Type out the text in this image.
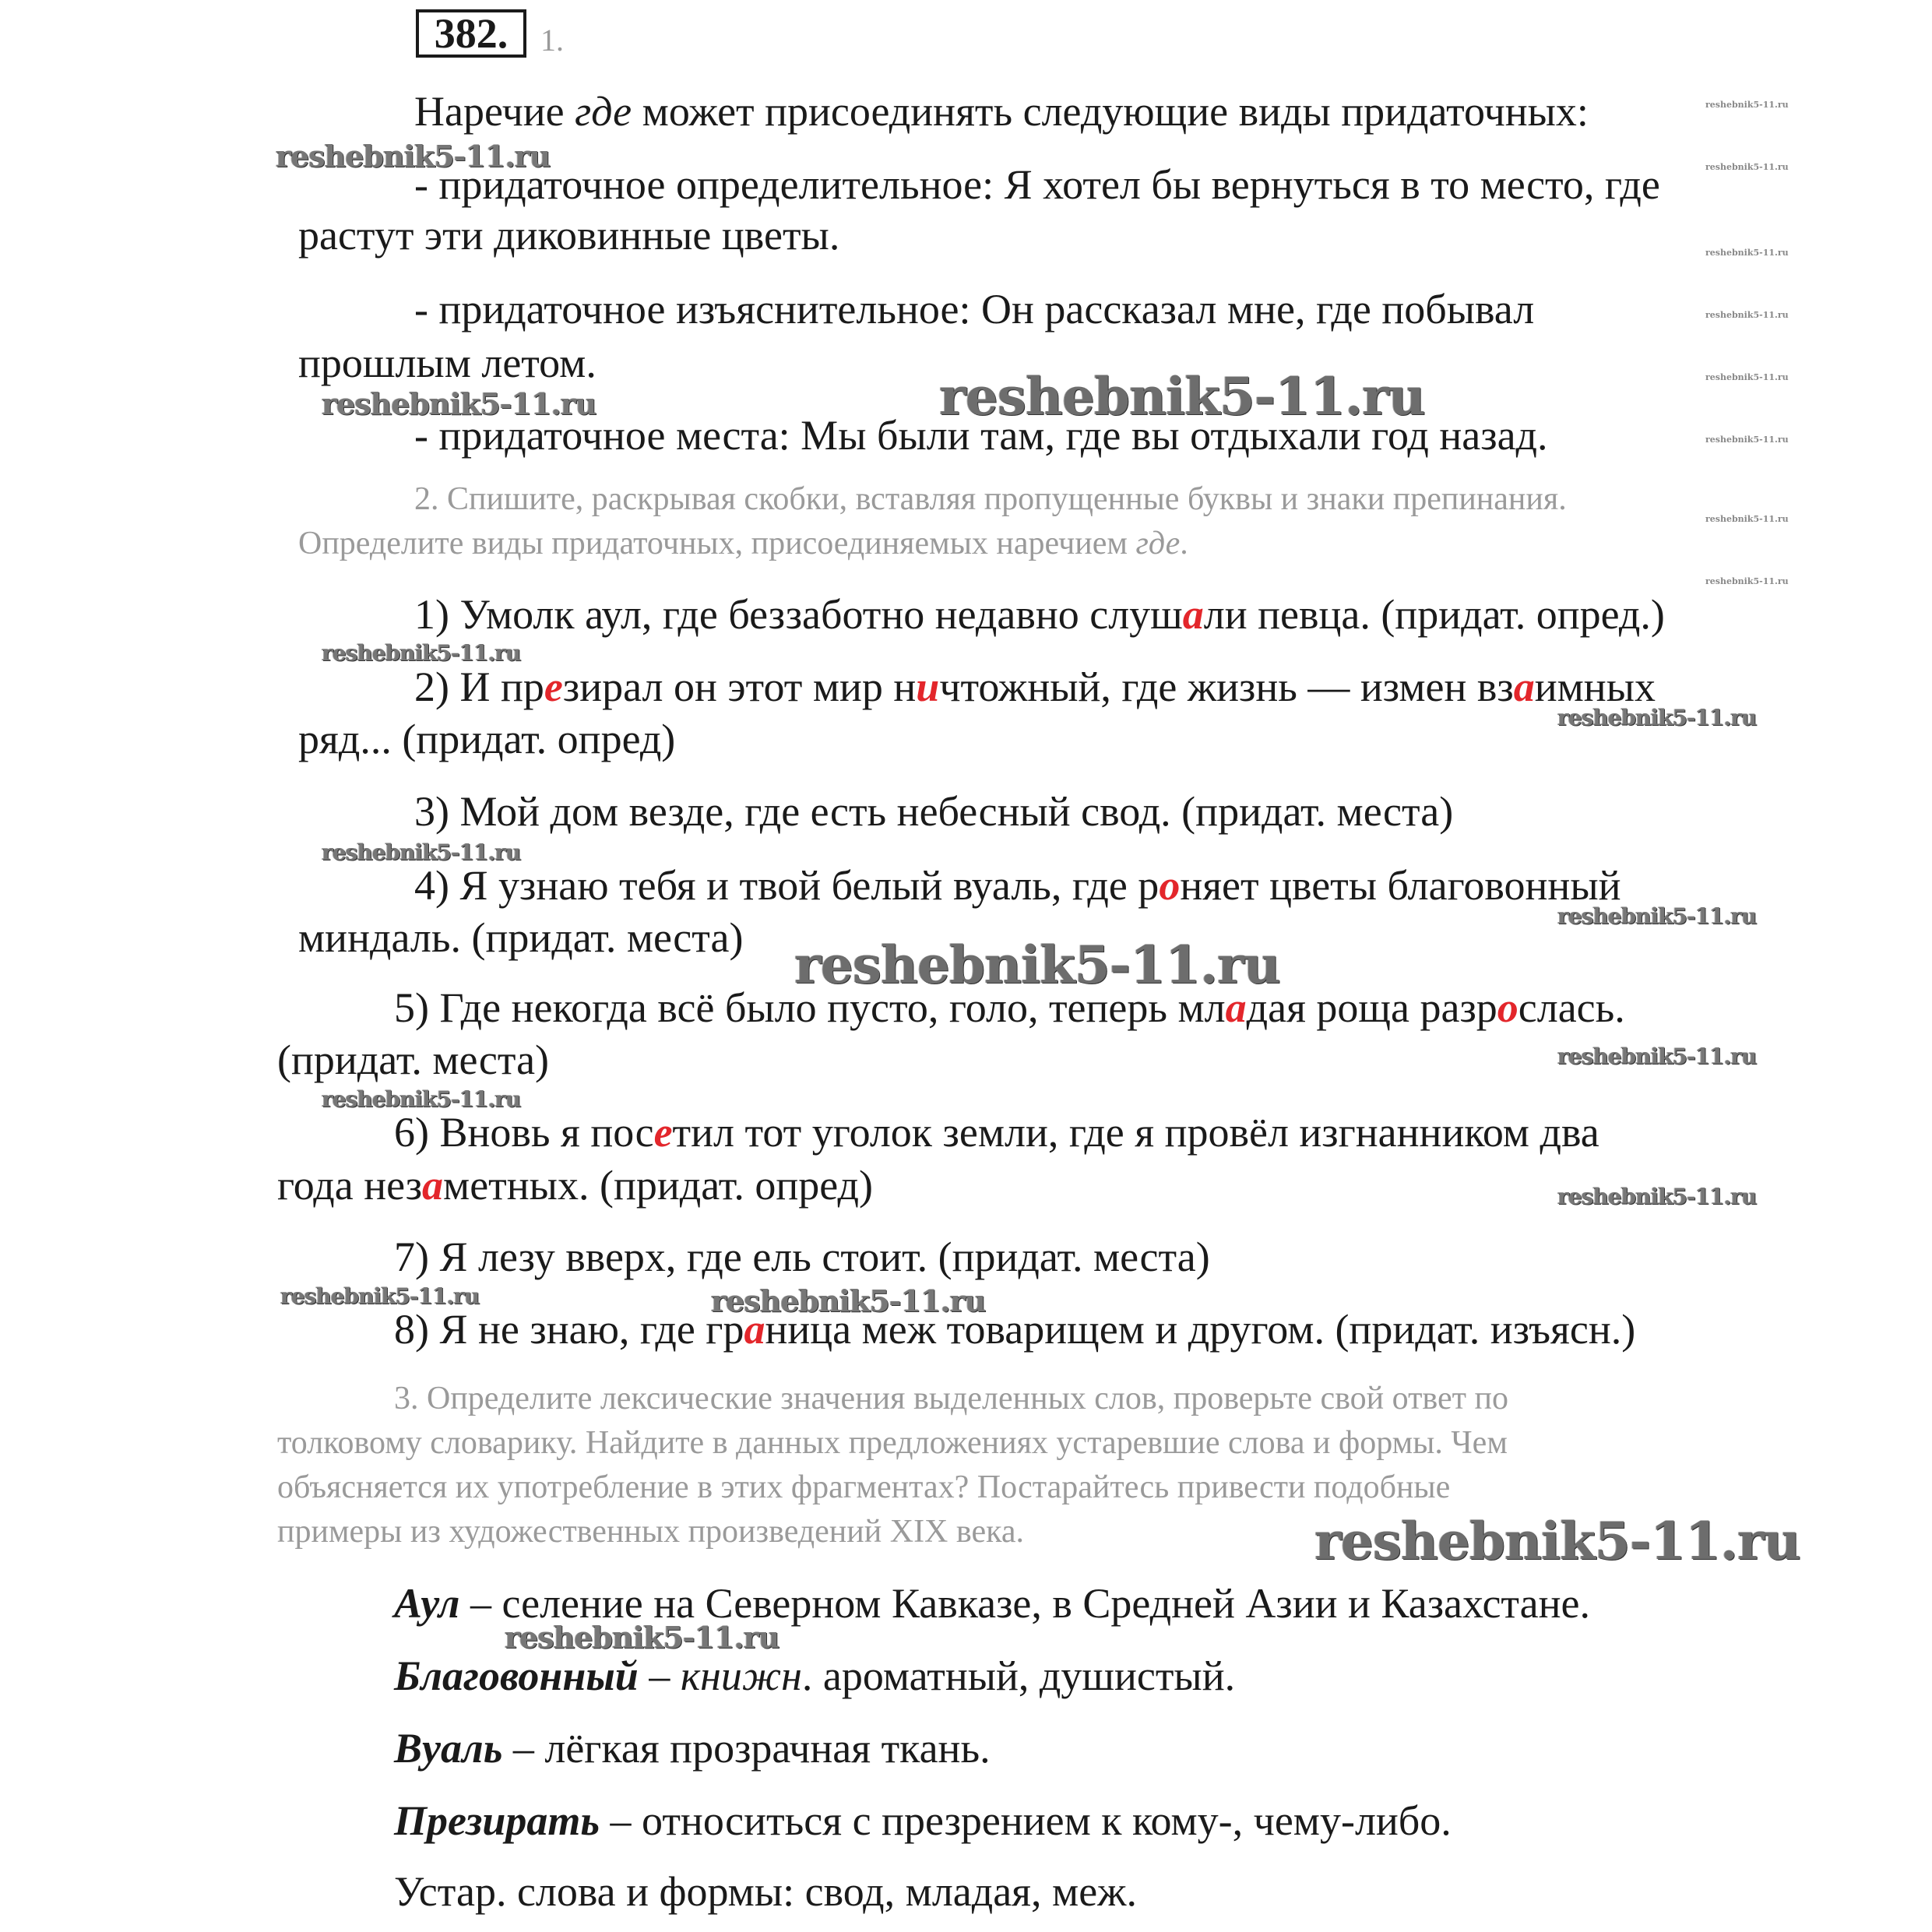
382.	1.
Наречие где может присоединять следующие виды придаточных:
- придаточное определительное: Я хотел бы вернуться в то место, где
растут эти диковинные цветы.
- придаточное изъяснительное: Он рассказал мне, где побывал
прошлым летом.
- придаточное места: Мы были там, где вы отдыхали год назад.
2. Спишите, раскрывая скобки, вставляя пропущенные буквы и знаки препинания.
Определите виды придаточных, присоединяемых наречием где.
1) Умолк аул, где беззаботно недавно слушали певца. (придат. опред.)
2) И презирал он этот мир ничтожный, где жизнь — измен взаимных
ряд... (придат. опред)
3) Мой дом везде, где есть небесный свод. (придат. места)
4) Я узнаю тебя и твой белый вуаль, где роняет цветы благовонный
миндаль. (придат. места)
5) Где некогда всё было пусто, голо, теперь младая роща разрослась.
(придат. места)
6) Вновь я посетил тот уголок земли, где я провёл изгнанником два
года незаметных. (придат. опред)
7) Я лезу вверх, где ель стоит. (придат. места)
8) Я не знаю, где граница меж товарищем и другом. (придат. изъясн.)
3. Определите лексические значения выделенных слов, проверьте свой ответ по
толковому словарику. Найдите в данных предложениях устаревшие слова и формы. Чем
объясняется их употребление в этих фрагментах? Постарайтесь привести подобные
примеры из художественных произведений XIX века.
Аул – селение на Северном Кавказе, в Средней Азии и Казахстане.
Благовонный – книжн. ароматный, душистый.
Вуаль – лёгкая прозрачная ткань.
Презирать – относиться с презрением к кому-, чему-либо.
Устар. слова и формы: свод, младая, меж.
reshebnik5-11.ru
reshebnik5-11.ru	reshebnik5-11.ru
reshebnik5-11.ru
reshebnik5-11.ru
reshebnik5-11.ru
reshebnik5-11.ru
reshebnik5-11.ru
reshebnik5-11.ru
reshebnik5-11.ru
reshebnik5-11.ru
reshebnik5-11.ru	reshebnik5-11.ru
reshebnik5-11.ru
reshebnik5-11.ru
reshebnik5-11.ru
reshebnik5-11.ru
reshebnik5-11.ru
reshebnik5-11.ru
reshebnik5-11.ru
reshebnik5-11.ru
reshebnik5-11.ru
reshebnik5-11.ru
